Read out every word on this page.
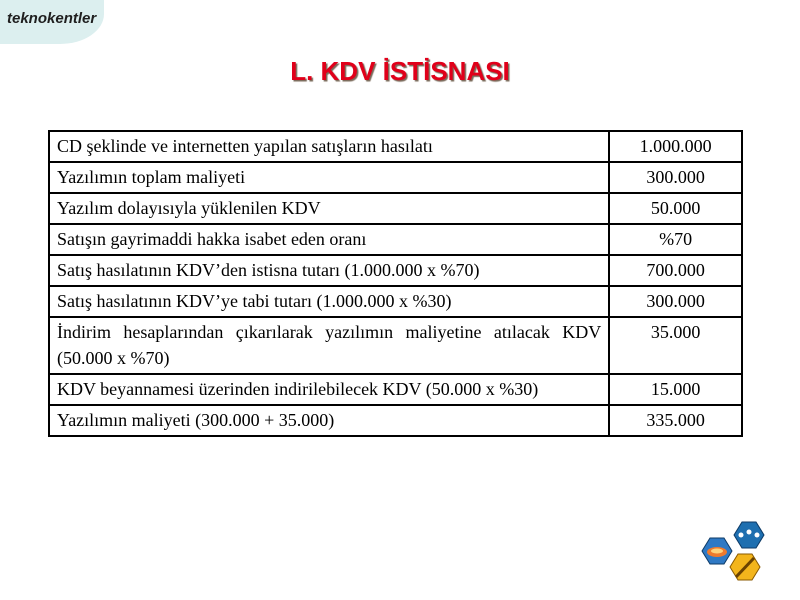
teknokentler
L. KDV İSTİSNASI
CD şeklinde ve internetten yapılan satışların hasılatı	1.000.000
Yazılımın toplam maliyeti	300.000
Yazılım dolayısıyla yüklenilen KDV	50.000
Satışın gayrimaddi hakka isabet eden oranı	%70
Satış hasılatının KDV’den istisna tutarı (1.000.000 x %70)	700.000
Satış hasılatının KDV’ye tabi tutarı (1.000.000 x %30)	300.000
İndirim hesaplarından çıkarılarak yazılımın maliyetine atılacak KDV (50.000 x %70)	35.000
KDV beyannamesi üzerinden indirilebilecek KDV (50.000 x %30)	15.000
Yazılımın maliyeti (300.000 + 35.000)	335.000
